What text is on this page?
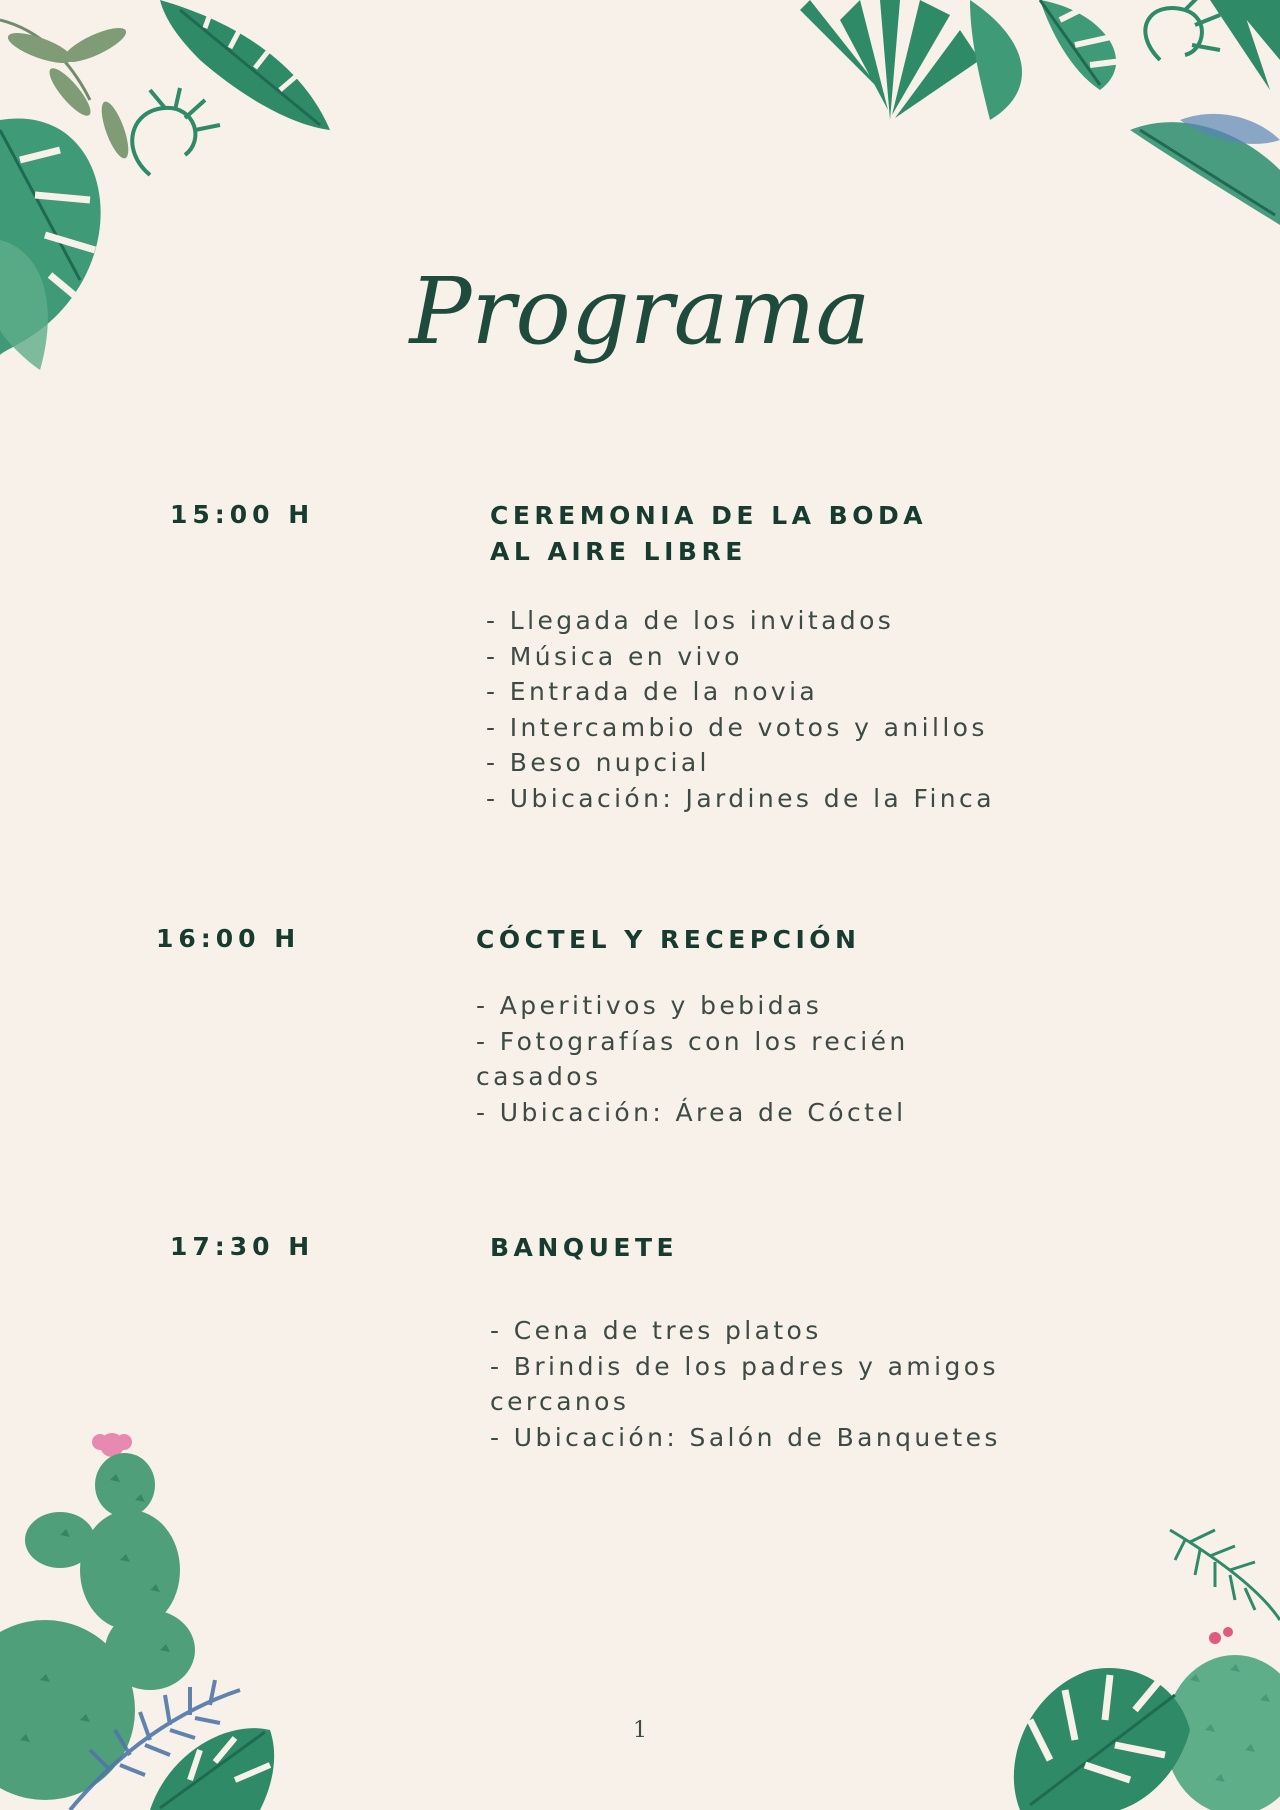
Programa
15:00 H	CEREMONIA DE LA BODA
AL AIRE LIBRE
- Llegada de los invitados
- Música en vivo
- Entrada de la novia
- Intercambio de votos y anillos
- Beso nupcial
- Ubicación: Jardines de la Finca
16:00 H	CÓCTEL Y RECEPCIÓN
- Aperitivos y bebidas
- Fotografías con los recién casados
- Ubicación: Área de Cóctel
17:30 H	BANQUETE
- Cena de tres platos
- Brindis de los padres y amigos cercanos
- Ubicación: Salón de Banquetes
1
